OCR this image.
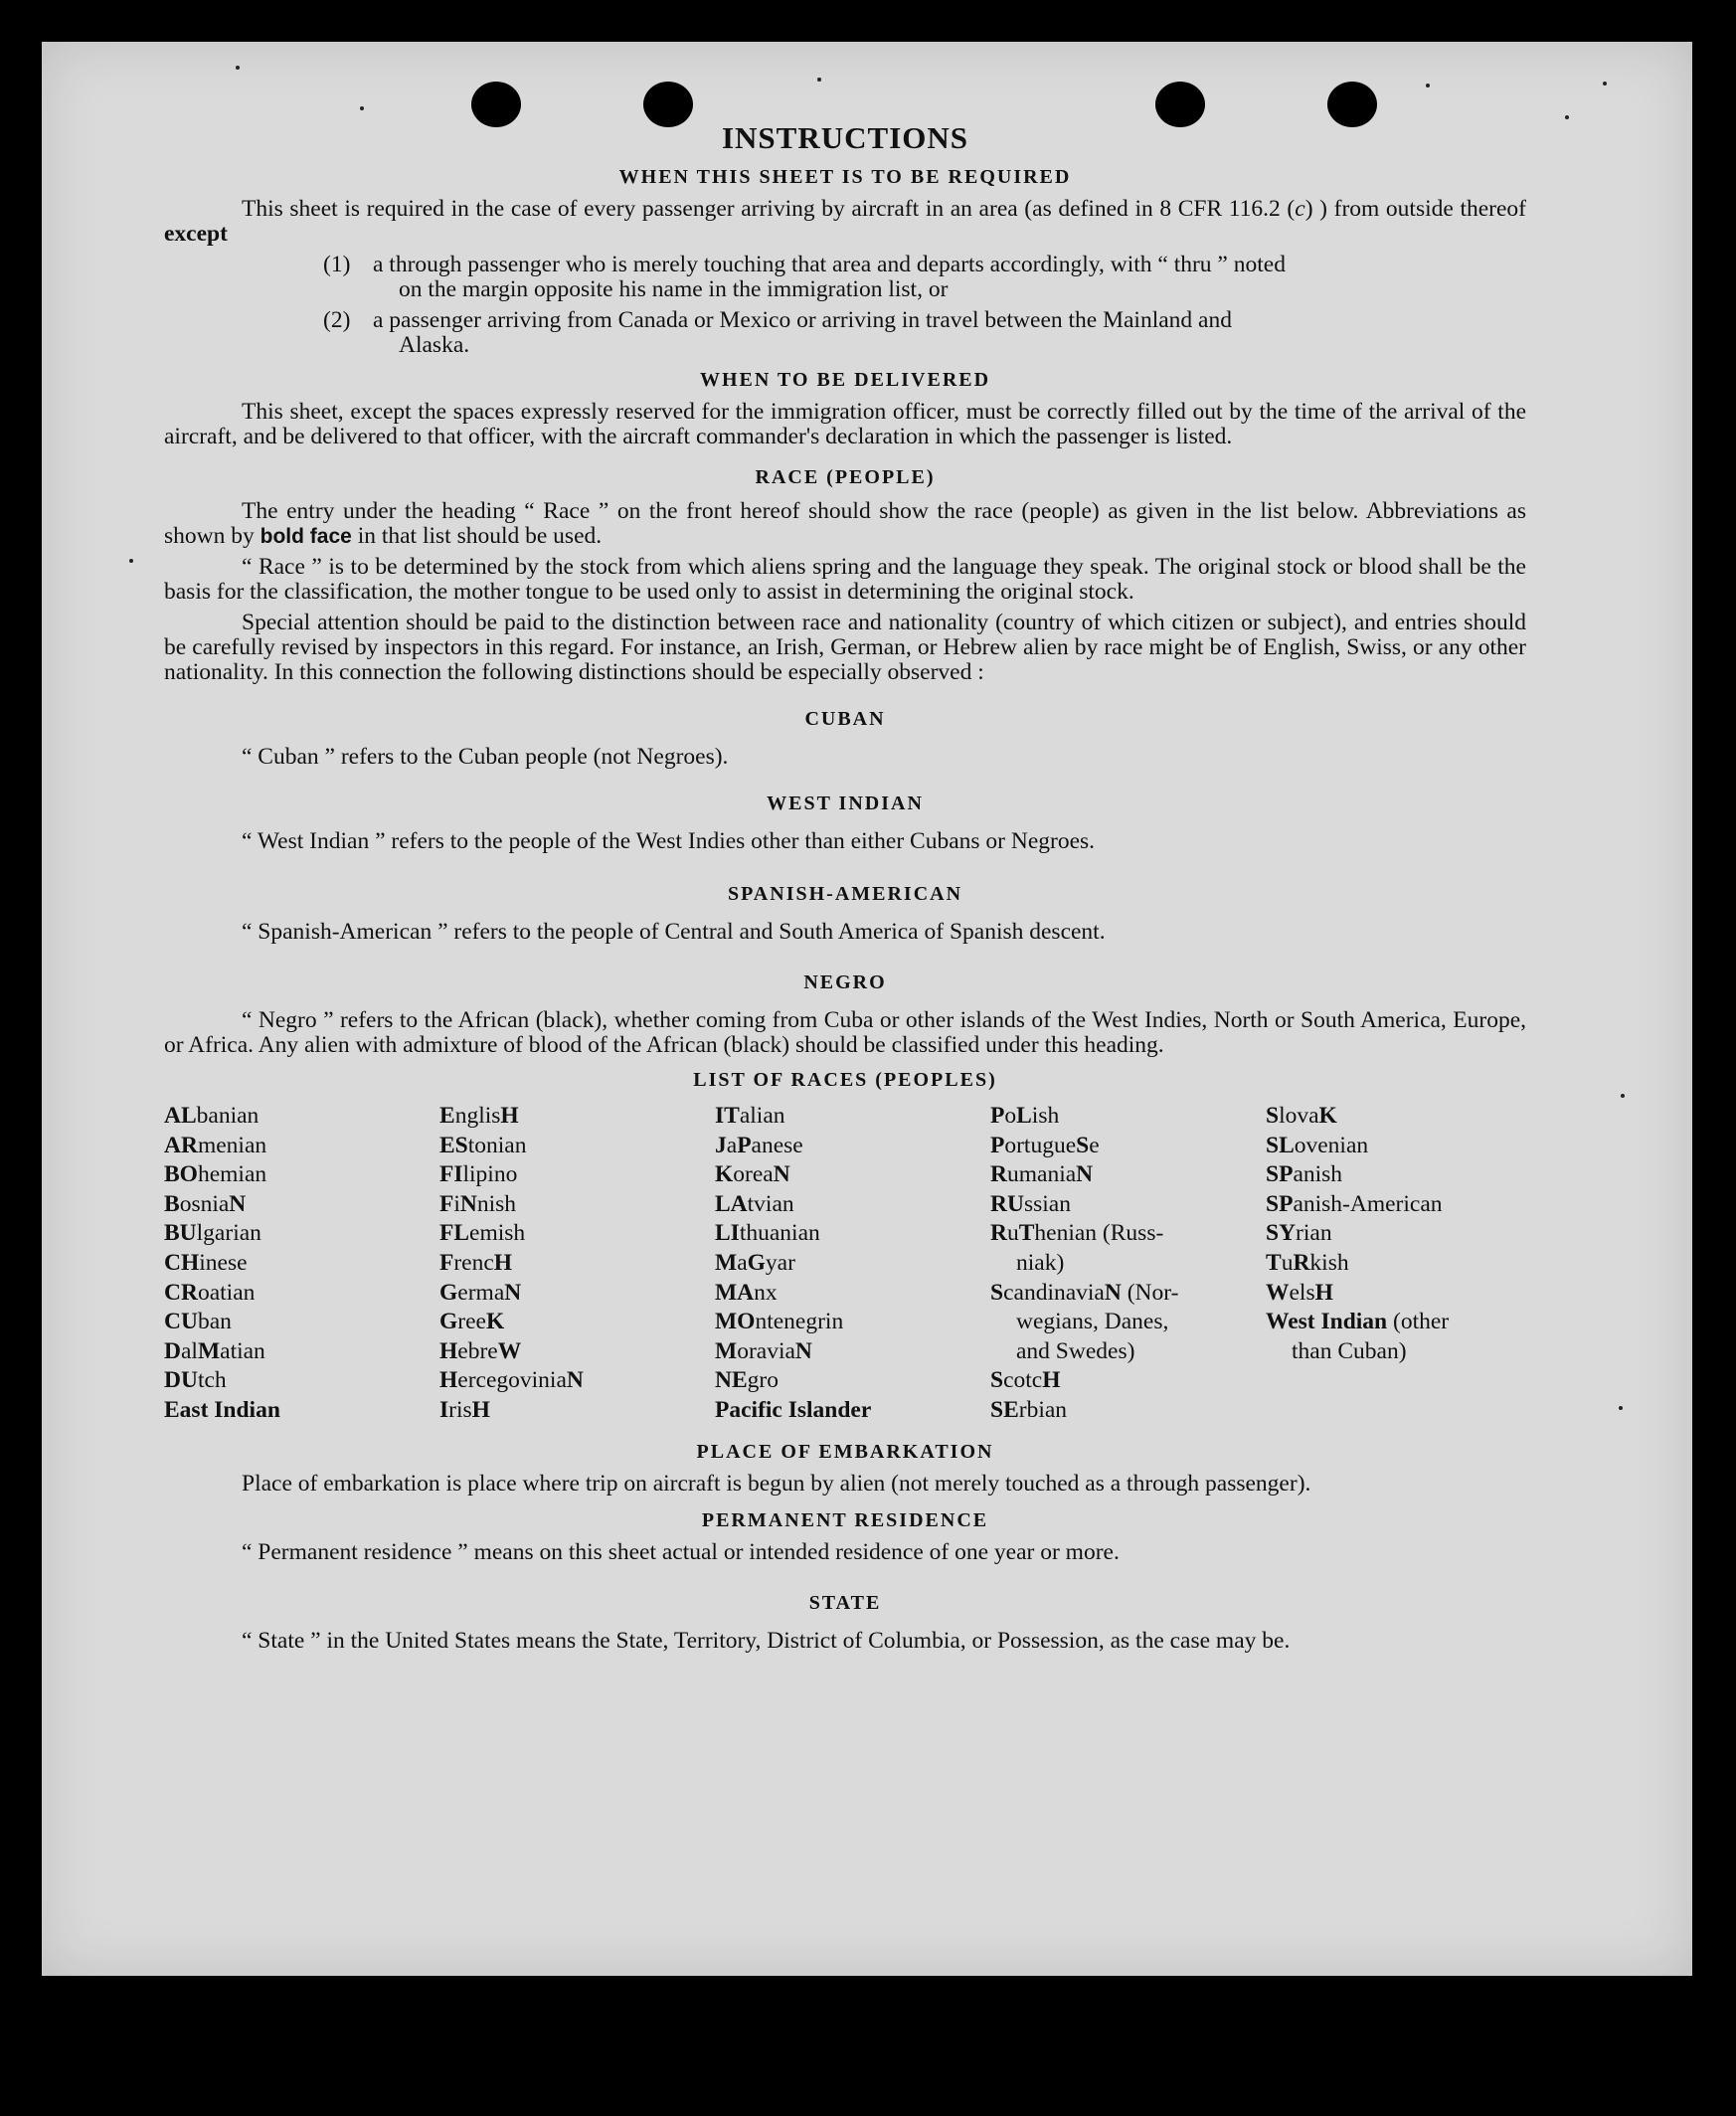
INSTRUCTIONS
WHEN THIS SHEET IS TO BE REQUIRED

This sheet is required in the case of every passenger arriving by aircraft in an area (as defined in 8 CFR 116.2 (c) ) from outside thereof except

(1) a through passenger who is merely touching that area and departs accordingly, with “ thru ” noted
on the margin opposite his name in the immigration list, or
(2) a passenger arriving from Canada or Mexico or arriving in travel between the Mainland and
Alaska.
WHEN TO BE DELIVERED

This sheet, except the spaces expressly reserved for the immigration officer, must be correctly filled out by the time of the arrival of the aircraft, and be delivered to that officer, with the aircraft commander's declaration in which the passenger is listed.

RACE (PEOPLE)

The entry under the heading “ Race ” on the front hereof should show the race (people) as given in the list below. Abbreviations as shown by bold face in that list should be used.

“ Race ” is to be determined by the stock from which aliens spring and the language they speak. The original stock or blood shall be the basis for the classification, the mother tongue to be used only to assist in determining the original stock.

Special attention should be paid to the distinction between race and nationality (country of which citizen or subject), and entries should be carefully revised by inspectors in this regard. For instance, an Irish, German, or Hebrew alien by race might be of English, Swiss, or any other nationality. In this connection the following distinctions should be especially observed :

CUBAN

“ Cuban ” refers to the Cuban people (not Negroes).

WEST INDIAN

“ West Indian ” refers to the people of the West Indies other than either Cubans or Negroes.

SPANISH-AMERICAN

“ Spanish-American ” refers to the people of Central and South America of Spanish descent.

NEGRO

“ Negro ” refers to the African (black), whether coming from Cuba or other islands of the West Indies, North or South America, Europe, or Africa. Any alien with admixture of blood of the African (black) should be classified under this heading.

LIST OF RACES (PEOPLES)
ALbanian
ARmenian
BOhemian
BosniaN
BUlgarian
CHinese
CRoatian
CUban
DalMatian
DUtch
East Indian
EnglisH
EStonian
FIlipino
FiNnish
FLemish
FrencH
GermaN
GreeK
HebreW
HercegoviniaN
IrisH
ITalian
JaPanese
KoreaN
LAtvian
LIthuanian
MaGyar
MAnx
MOntenegrin
MoraviaN
NEgro
Pacific Islander
PoLish
PortugueSe
RumaniaN
RUssian
RuThenian (Russ-
niak)
ScandinaviaN (Nor-
wegians, Danes,
and Swedes)
ScotcH
SErbian
SlovaK
SLovenian
SPanish
SPanish-American
SYrian
TuRkish
WelsH
West Indian (other
than Cuban)
PLACE OF EMBARKATION

Place of embarkation is place where trip on aircraft is begun by alien (not merely touched as a through passenger).

PERMANENT RESIDENCE

“ Permanent residence ” means on this sheet actual or intended residence of one year or more.

STATE

“ State ” in the United States means the State, Territory, District of Columbia, or Possession, as the case may be.
